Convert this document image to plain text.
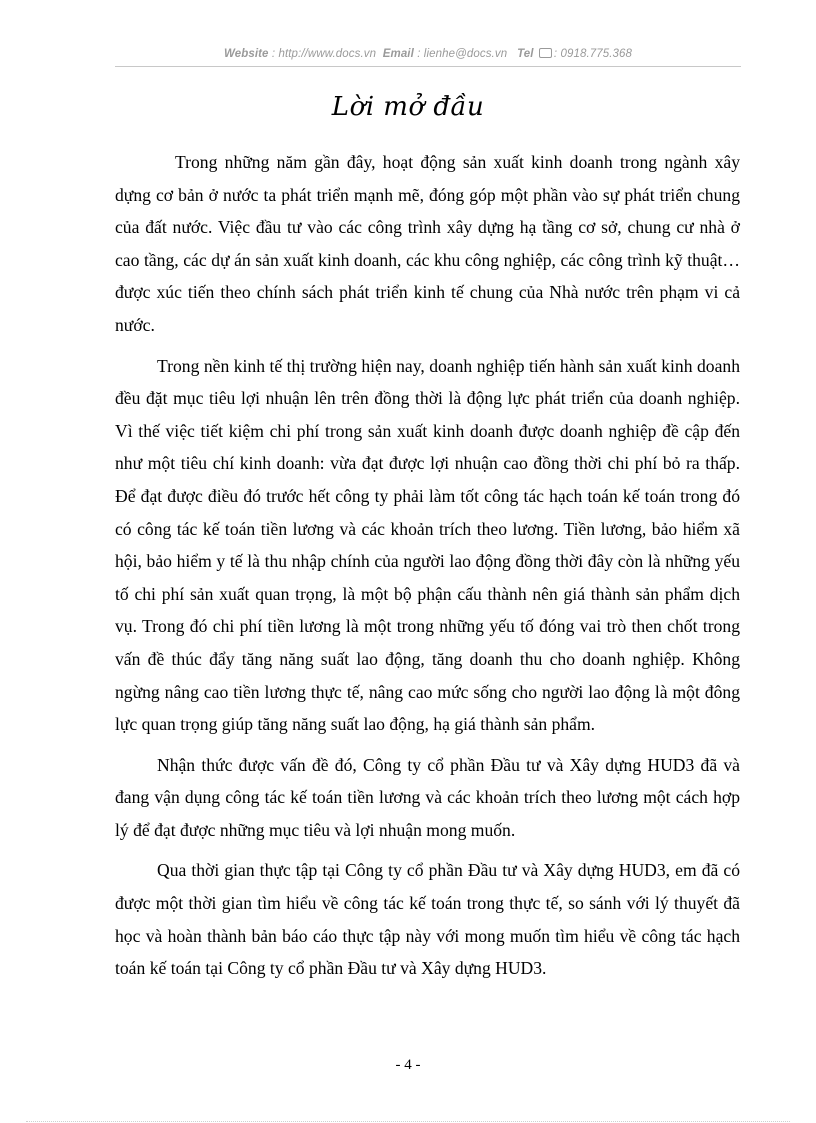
Website : http://www.docs.vn Email : lienhe@docs.vn Tel : 0918.775.368
Lời mở đầu

Trong những năm gần đây, hoạt động sản xuất kinh doanh trong ngành xây dựng cơ bản ở nước ta phát triển mạnh mẽ, đóng góp một phần vào sự phát triển chung của đất nước. Việc đầu tư vào các công trình xây dựng hạ tầng cơ sở, chung cư nhà ở cao tầng, các dự án sản xuất kinh doanh, các khu công nghiệp, các công trình kỹ thuật… được xúc tiến theo chính sách phát triển kinh tế chung của Nhà nước trên phạm vi cả nước.

Trong nền kinh tế thị trường hiện nay, doanh nghiệp tiến hành sản xuất kinh doanh đều đặt mục tiêu lợi nhuận lên trên đồng thời là động lực phát triển của doanh nghiệp. Vì thế việc tiết kiệm chi phí trong sản xuất kinh doanh được doanh nghiệp đề cập đến như một tiêu chí kinh doanh: vừa đạt được lợi nhuận cao đồng thời chi phí bỏ ra thấp. Để đạt được điều đó trước hết công ty phải làm tốt công tác hạch toán kế toán trong đó có công tác kế toán tiền lương và các khoản trích theo lương. Tiền lương, bảo hiểm xã hội, bảo hiểm y tế là thu nhập chính của người lao động đồng thời đây còn là những yếu tố chi phí sản xuất quan trọng, là một bộ phận cấu thành nên giá thành sản phẩm dịch vụ. Trong đó chi phí tiền lương là một trong những yếu tố đóng vai trò then chốt trong vấn đề thúc đẩy tăng năng suất lao động, tăng doanh thu cho doanh nghiệp. Không ngừng nâng cao tiền lương thực tế, nâng cao mức sống cho người lao động là một đông lực quan trọng giúp tăng năng suất lao động, hạ giá thành sản phẩm.

Nhận thức được vấn đề đó, Công ty cổ phần Đầu tư và Xây dựng HUD3 đã và đang vận dụng công tác kế toán tiền lương và các khoản trích theo lương một cách hợp lý để đạt được những mục tiêu và lợi nhuận mong muốn.

Qua thời gian thực tập tại Công ty cổ phần Đầu tư và Xây dựng HUD3, em đã có được một thời gian tìm hiểu về công tác kế toán trong thực tế, so sánh với lý thuyết đã học và hoàn thành bản báo cáo thực tập này với mong muốn tìm hiểu về công tác hạch toán kế toán tại Công ty cổ phần Đầu tư và Xây dựng HUD3.

- 4 -
